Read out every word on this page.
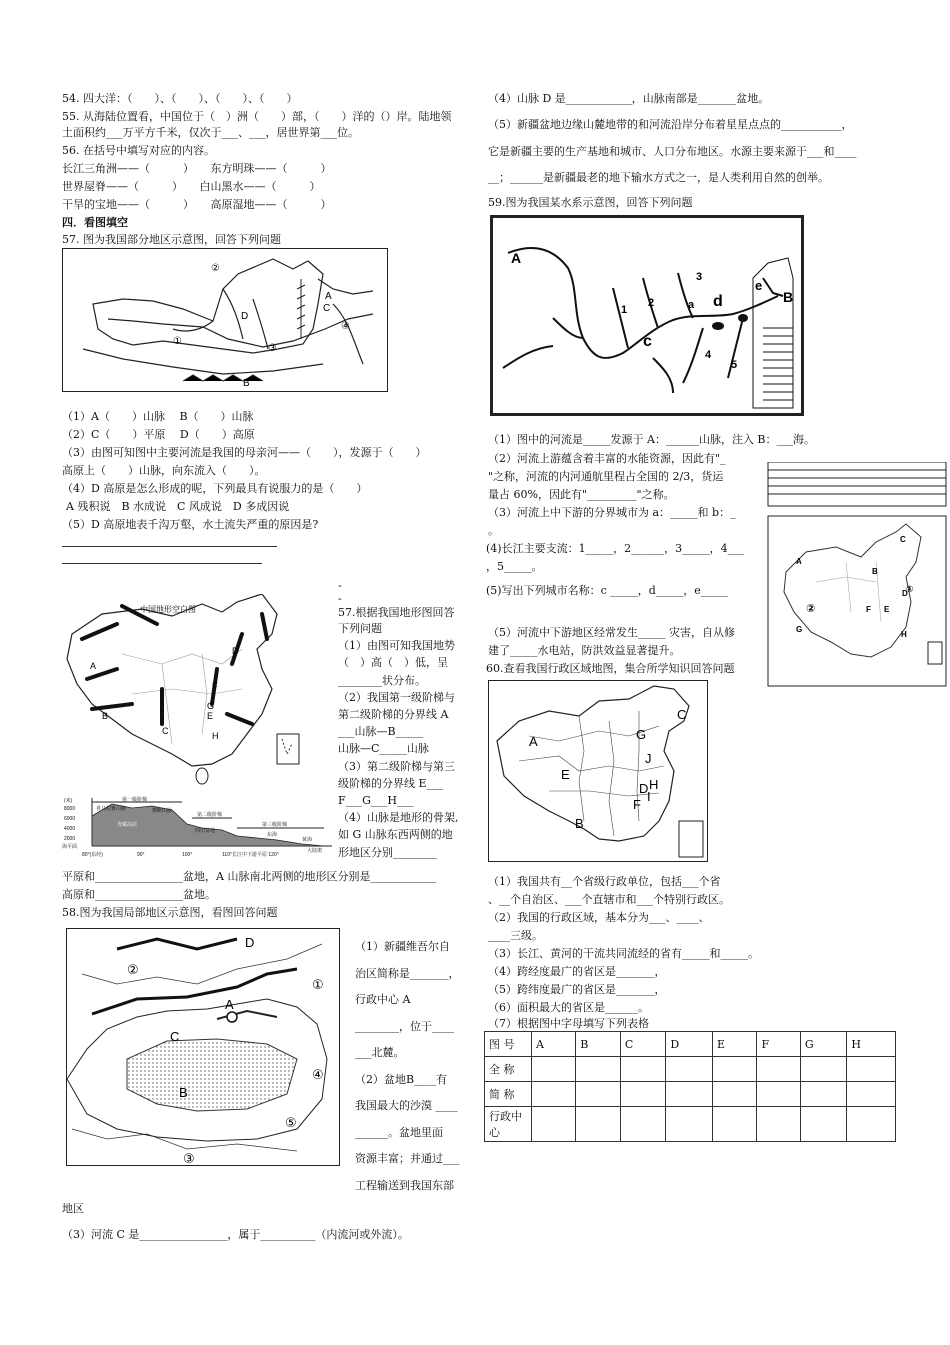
54. 四大洋：（　　）、（　　）、（　　）、（　　）
55. 从海陆位置看，中国位于（　）洲（　　）部，（　　）洋的（）岸。陆地领
土面积约___万平方千米，仅次于___、___，居世界第___位。
56. 在括号中填写对应的内容。
长江三角洲——（　　　）　　东方明珠——（　　　）
世界屋脊——（　　　）　　白山黑水——（　　　）
干旱的宝地——（　　　）　　高原湿地——（　　　）
四．看图填空
57. 图为我国部分地区示意图，回答下列问题
②
A
B
C
D
①
③
④
（1）A（　　）山脉　 B（　　）山脉
（2）C（　　）平原　 D（　　）高原
（3）由图可知图中主要河流是我国的母亲河——（　　），发源于（　　）
高原上（　　）山脉，向东流入（　　）。
（4）D 高原是怎么形成的呢，下列最具有说服力的是（　　）
A 残积说　B 水成说　C 风成说　D 多成因说
（5）D 高原地表千沟万壑，水土流失严重的原因是?
中国地形空白图
A
B
C
E
F
G
H
D
第一级阶梯
第二级阶梯
第三级阶梯
喜马拉雅山脉	横断山脉
四川盆地
青藏高原
东海
黄海
大陆架
(米)
8000
6000
4000
2000
海平面
80°(东经)	90°	100°	110°长江中下游平原 120°
-
-
57.根据我国地形图回答
下列问题
（1）由图可知我国地势
（　）高（　）低，呈
________状分布。
（2）我国第一级阶梯与
第二级阶梯的分界线 A
___山脉—B_____
山脉—C_____山脉
（3）第二级阶梯与第三
级阶梯的分界线 E___
F___G___H___
（4）山脉是地形的骨架,
如 G 山脉东西两侧的地
形地区分别________
平原和________________盆地，A 山脉南北两侧的地形区分别是____________
高原和________________盆地。
58.图为我国局部地区示意图，看图回答问题
D
②
①
A
C
B
③
④
⑤
（1）新疆维吾尔自
治区简称是_______，
行政中心 A
________，位于____
___北麓。
（2）盆地B____有
我国最大的沙漠 ____
______。盆地里面
资源丰富；并通过___
工程输送到我国东部
地区
（3）河流 C 是________________，属于__________（内流河或外流）。
（4）山脉 D 是____________，山脉南部是_______盆地。
（5）新疆盆地边缘山麓地带的和河流沿岸分布着星星点点的___________，
它是新疆主要的生产基地和城市、人口分布地区。水源主要来源于___和____
__；______是新疆最老的地下输水方式之一，是人类利用自然的创举。
59.图为我国某水系示意图，回答下列问题
A
1
2
3
a d
e
c
4
5
B
（1）图中的河流是_____发源于 A：______山脉，注入 B：___海。
（2）河流上游蕴含着丰富的水能资源，因此有"_
"之称，河流的内河通航里程占全国的 2/3，货运
量占 60%，因此有"_________"之称。
（3）河流上中下游的分界城市为 a：_____和 b：_
。
(4)长江主要支流：1_____，2______，3_____，4___
，5_____。
(5)写出下列城市名称：c _____，d_____，e_____
（5）河流中下游地区经常发生_____ 灾害，自从修
建了_____水电站，防洪效益显著提升。
60.查看我国行政区域地图，集合所学知识回答问题
A
B
C
D
E
F
G
H
②
①
A
B
C
D
E
F
G
H
I
J
（1）我国共有__个省级行政单位，包括___个省
、__个自治区、___个直辖市和___个特别行政区。
（2）我国的行政区域，基本分为___、____、
____三级。
（3）长江、黄河的干流共同流经的省有_____和_____。
（4）跨经度最广的省区是_______，
（5）跨纬度最广的省区是_______，
（6）面积最大的省区是______。
（7）根据图中字母填写下列表格
图 号	A	B	C	D	E	F	G	H
全 称								
简 称								
行政中心								
